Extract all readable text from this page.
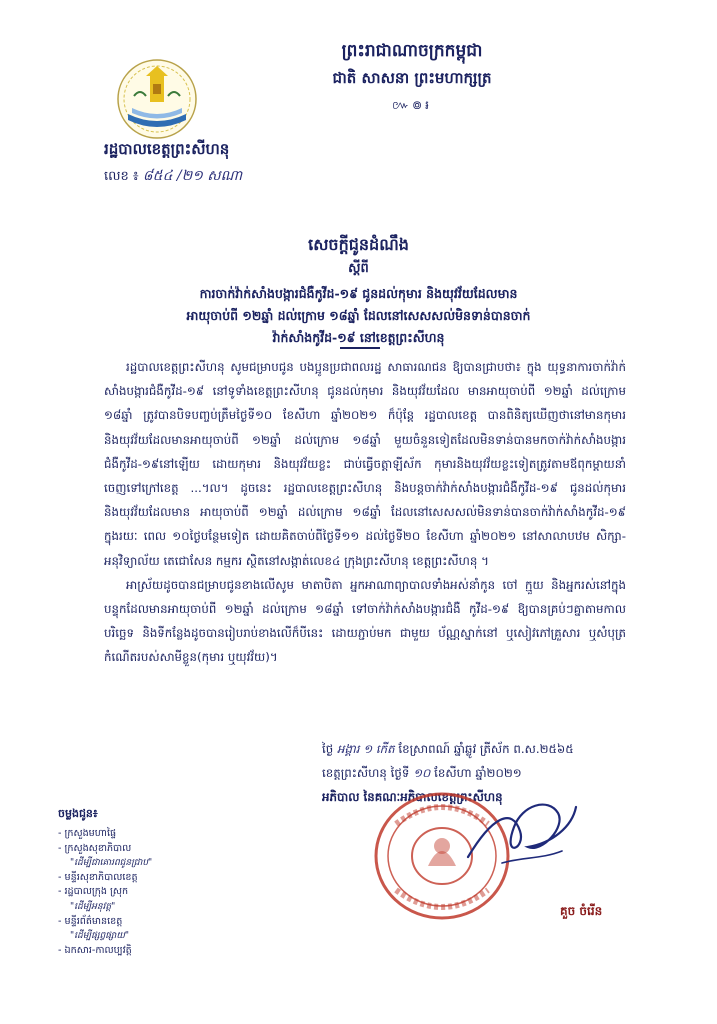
ព្រះរាជាណាចក្រកម្ពុជា
ជាតិ សាសនា ព្រះមហាក្សត្រ
៚៙៛
រដ្ឋបាលខេត្តព្រះសីហនុ
លេខ ៖ ៨៥៤ /២១ សណា
សេចក្ដីជូនដំណឹង
ស្ដីពី
ការចាក់វ៉ាក់សាំងបង្ការជំងឺកូវីដ-១៩ ជូនដល់កុមារ និងយុវវ័យដែលមាន
អាយុចាប់ពី ១២ឆ្នាំ ដល់ក្រោម ១៨ឆ្នាំ ដែលនៅសេសសល់មិនទាន់បានចាក់
វ៉ាក់សាំងកូវីដ-១៩ នៅខេត្តព្រះសីហនុ

រដ្ឋបាលខេត្តព្រះសីហនុ សូមជម្រាបជូន បងប្អូនប្រជាពលរដ្ឋ សាធារណជន ឱ្យបានជ្រាបថា៖ ក្នុង យុទ្ធនាការចាក់វ៉ាក់សាំងបង្ការជំងឺកូវីដ-១៩ នៅទូទាំងខេត្តព្រះសីហនុ ជូនដល់កុមារ និងយុវវ័យដែល មានអាយុចាប់ពី ១២ឆ្នាំ ដល់ក្រោម ១៨ឆ្នាំ ត្រូវបានបិទបញ្ចប់ត្រឹមថ្ងៃទី១០ ខែសីហា ឆ្នាំ២០២១ ក៏ប៉ុន្តែ រដ្ឋបាលខេត្ត បានពិនិត្យឃើញថានៅមានកុមារ និងយុវវ័យដែលមានអាយុចាប់ពី ១២ឆ្នាំ ដល់ក្រោម ១៨ឆ្នាំ មួយចំនួនទៀតដែលមិនទាន់បានមកចាក់វ៉ាក់សាំងបង្ការជំងឺកូវីដ-១៩នៅឡើយ ដោយកុមារ និងយុវវ័យខ្លះ ជាប់ធ្វើចត្តាឡីស័ក កុមារនិងយុវវ័យខ្លះទៀតត្រូវតាមឪពុកម្ដាយនាំចេញទៅក្រៅខេត្ត ...។ល។ ដូចនេះ រដ្ឋបាលខេត្តព្រះសីហនុ និងបន្តចាក់វ៉ាក់សាំងបង្ការជំងឺកូវីដ-១៩ ជូនដល់កុមារ និងយុវវ័យដែលមាន អាយុចាប់ពី ១២ឆ្នាំ ដល់ក្រោម ១៨ឆ្នាំ ដែលនៅសេសសល់មិនទាន់បានចាក់វ៉ាក់សាំងកូវីដ-១៩ ក្នុងរយៈ ពេល ១០ថ្ងៃបន្ថែមទៀត ដោយគិតចាប់ពីថ្ងៃទី១១ ដល់ថ្ងៃទី២០ ខែសីហា ឆ្នាំ២០២១ នៅសាលាបឋម សិក្សា-អនុវិទ្យាល័យ តេជោសែន កម្មករ ស្ថិតនៅសង្កាត់លេខ៤ ក្រុងព្រះសីហនុ ខេត្តព្រះសីហនុ ។

អាស្រ័យដូចបានជម្រាបជូនខាងលើសូម មាតាបិតា អ្នកអាណាព្យាបាលទាំងអស់នាំកូន ចៅ ក្មួយ និងអ្នករស់នៅក្នុងបន្ទុកដែលមានអាយុចាប់ពី ១២ឆ្នាំ ដល់ក្រោម ១៨ឆ្នាំ ទៅចាក់វ៉ាក់សាំងបង្ការជំងឺ កូវីដ-១៩ ឱ្យបានគ្រប់ៗគ្នាតាមកាលបរិច្ឆេទ និងទីកន្លែងដូចបានរៀបរាប់ខាងលើក៏បីនេះ ដោយភ្ជាប់មក ជាមួយ ប័ណ្ណស្នាក់នៅ ឬសៀវភៅគ្រួសារ ឬសំបុត្រកំណើតរបស់សាមីខ្លួន(កុមារ ឬយុវវ័យ)។

ថ្ងៃ អង្គារ ១ កើត ខែស្រាពណ៍ ឆ្នាំឆ្លូវ ត្រីស័ក ព.ស.២៥៦៥
ខេត្តព្រះសីហនុ ថ្ងៃទី ១០ ខែសីហា ឆ្នាំ២០២១
អភិបាល នៃគណៈអភិបាលខេត្តព្រះសីហនុ
គួច ចំរើន
ចម្លងជូន៖
- ក្រសួងមហាផ្ទៃ
- ក្រសួងសុខាភិបាល
"ដើម្បីជាគោរពជូនជ្រាប"
- មន្ទីរសុខាភិបាលខេត្ត
- រដ្ឋបាលក្រុង ស្រុក
"ដើម្បីអនុវត្ត"
- មន្ទីរព័ត៌មានខេត្ត
"ដើម្បីផ្សព្វផ្សាយ"
- ឯកសារ-កាលប្បវត្តិ
